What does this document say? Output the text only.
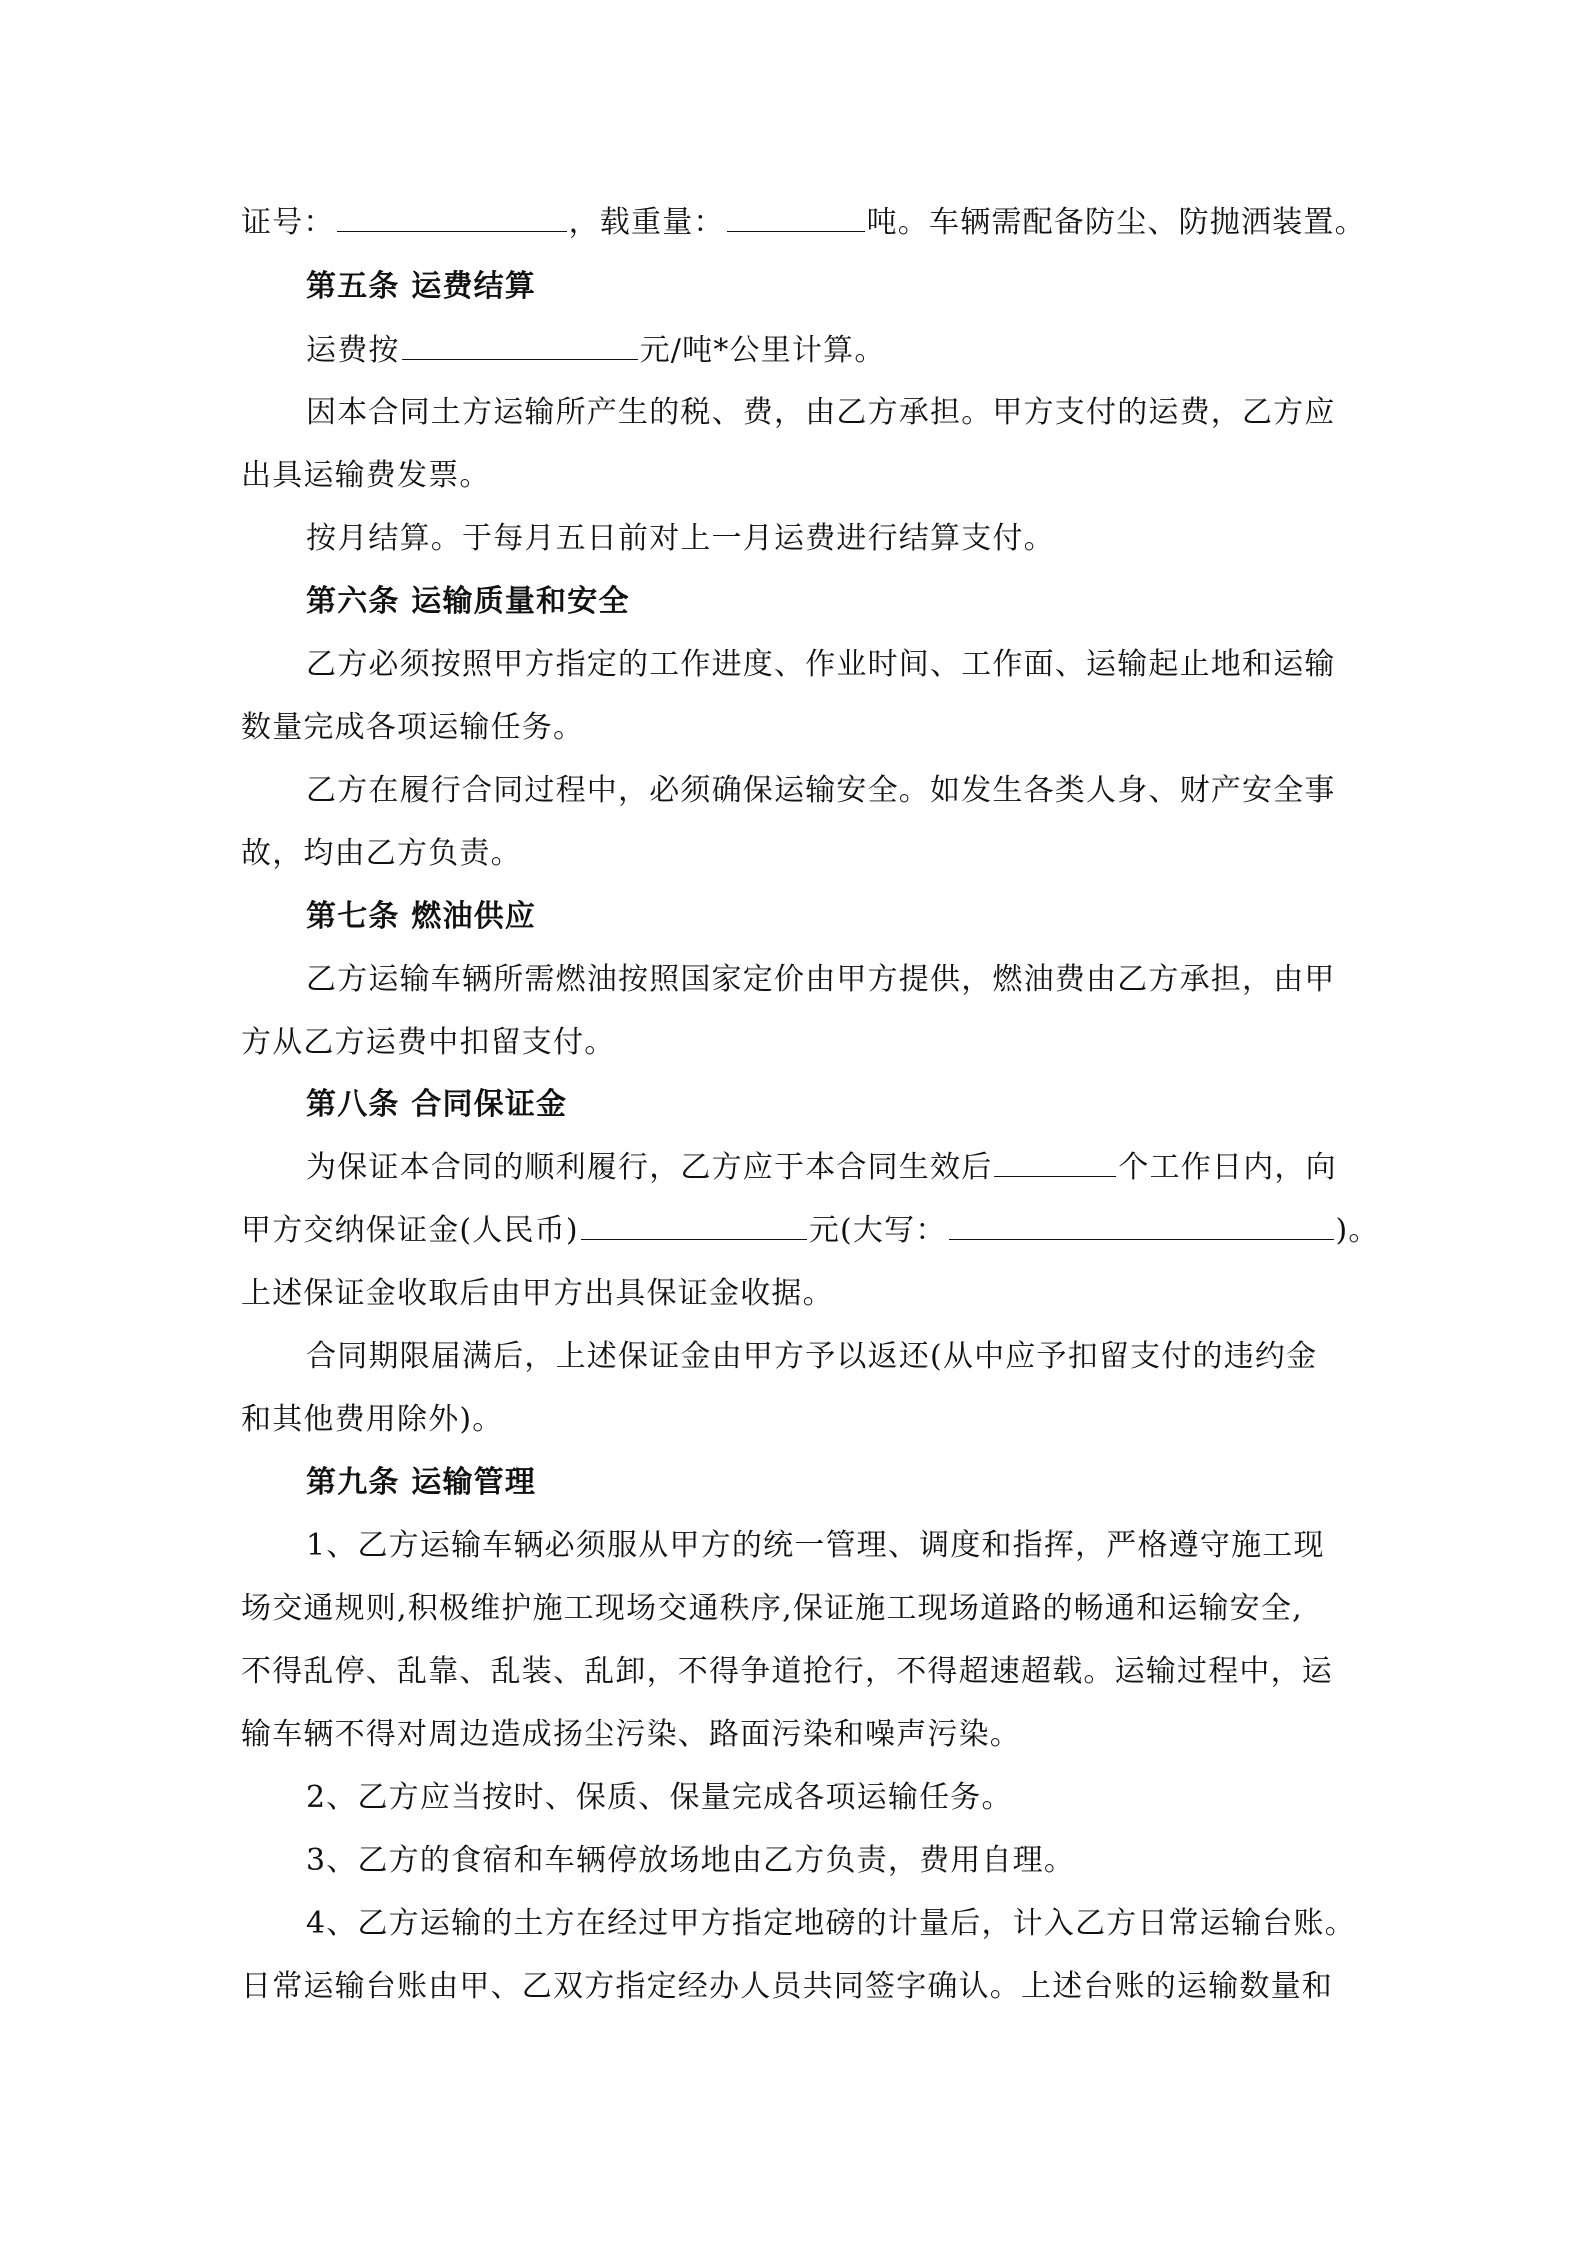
证号：	，载重量：	吨。车辆需配备防尘、防抛洒装置。
第五条 运费结算
运费按	元/吨*公里计算。
因本合同土方运输所产生的税、费，由乙方承担。甲方支付的运费，乙方应
出具运输费发票。
按月结算。于每月五日前对上一月运费进行结算支付。
第六条 运输质量和安全
乙方必须按照甲方指定的工作进度、作业时间、工作面、运输起止地和运输
数量完成各项运输任务。
乙方在履行合同过程中，必须确保运输安全。如发生各类人身、财产安全事
故，均由乙方负责。
第七条 燃油供应
乙方运输车辆所需燃油按照国家定价由甲方提供，燃油费由乙方承担，由甲
方从乙方运费中扣留支付。
第八条 合同保证金
为保证本合同的顺利履行，乙方应于本合同生效后	个工作日内，向
甲方交纳保证金(人民币)	元(大写：	)。
上述保证金收取后由甲方出具保证金收据。
合同期限届满后，上述保证金由甲方予以返还(从中应予扣留支付的违约金
和其他费用除外)。
第九条 运输管理
1、乙方运输车辆必须服从甲方的统一管理、调度和指挥，严格遵守施工现
场交通规则,积极维护施工现场交通秩序,保证施工现场道路的畅通和运输安全,
不得乱停、乱靠、乱装、乱卸，不得争道抢行，不得超速超载。运输过程中，运
输车辆不得对周边造成扬尘污染、路面污染和噪声污染。
2、乙方应当按时、保质、保量完成各项运输任务。
3、乙方的食宿和车辆停放场地由乙方负责，费用自理。
4、乙方运输的土方在经过甲方指定地磅的计量后，计入乙方日常运输台账。
日常运输台账由甲、乙双方指定经办人员共同签字确认。上述台账的运输数量和
